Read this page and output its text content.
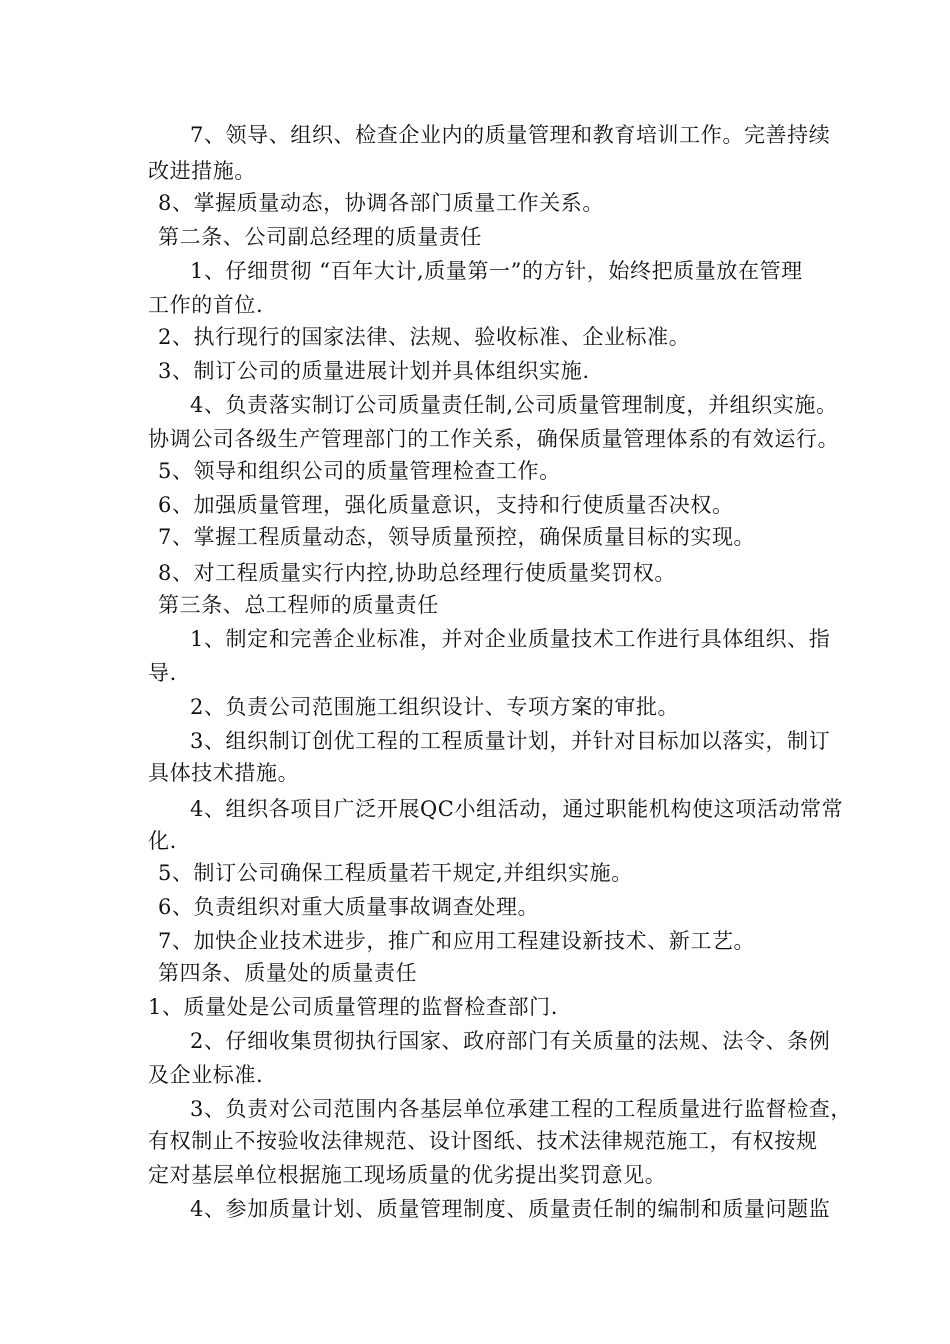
7、领导、组织、检查企业内的质量管理和教育培训工作。完善持续

改进措施。

8、掌握质量动态，协调各部门质量工作关系。

第二条、公司副总经理的质量责任

1、仔细贯彻 “百年大计,质量第一”的方针，始终把质量放在管理

工作的首位.

2、执行现行的国家法律、法规、验收标准、企业标准。

3、制订公司的质量进展计划并具体组织实施.

4、负责落实制订公司质量责任制,公司质量管理制度，并组织实施。

协调公司各级生产管理部门的工作关系，确保质量管理体系的有效运行。

5、领导和组织公司的质量管理检查工作。

6、加强质量管理，强化质量意识，支持和行使质量否决权。

7、掌握工程质量动态，领导质量预控，确保质量目标的实现。

8、对工程质量实行内控,协助总经理行使质量奖罚权。

第三条、总工程师的质量责任

1、制定和完善企业标准，并对企业质量技术工作进行具体组织、指

导.

2、负责公司范围施工组织设计、专项方案的审批。

3、组织制订创优工程的工程质量计划，并针对目标加以落实，制订

具体技术措施。

4、组织各项目广泛开展QC小组活动，通过职能机构使这项活动常常

化.

5、制订公司确保工程质量若干规定,并组织实施。

6、负责组织对重大质量事故调查处理。

7、加快企业技术进步，推广和应用工程建设新技术、新工艺。

第四条、质量处的质量责任

1、质量处是公司质量管理的监督检查部门.

2、仔细收集贯彻执行国家、政府部门有关质量的法规、法令、条例

及企业标准.

3、负责对公司范围内各基层单位承建工程的工程质量进行监督检查，

有权制止不按验收法律规范、设计图纸、技术法律规范施工，有权按规

定对基层单位根据施工现场质量的优劣提出奖罚意见。

4、参加质量计划、质量管理制度、质量责任制的编制和质量问题监
